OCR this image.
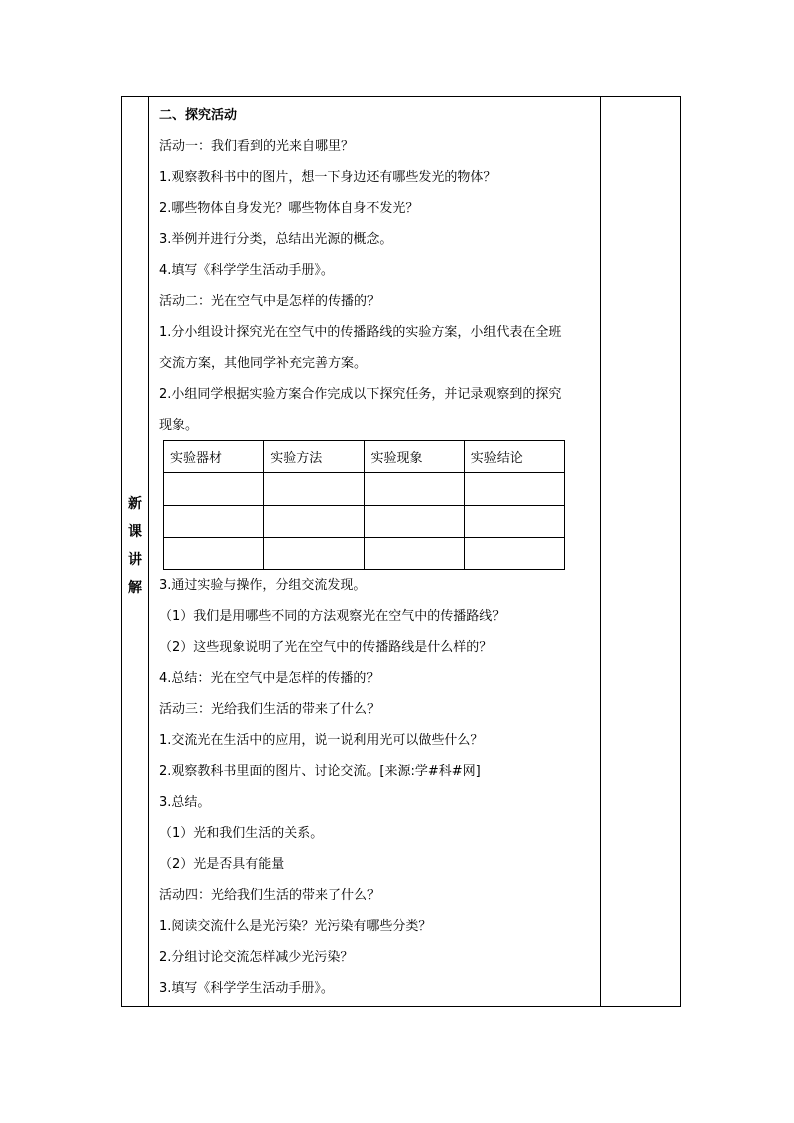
新
课
讲
解
二、探究活动
活动一：我们看到的光来自哪里？
1.观察教科书中的图片，想一下身边还有哪些发光的物体？
2.哪些物体自身发光？哪些物体自身不发光？
3.举例并进行分类，总结出光源的概念。
4.填写《科学学生活动手册》。
活动二：光在空气中是怎样的传播的？
1.分小组设计探究光在空气中的传播路线的实验方案，小组代表在全班
交流方案，其他同学补充完善方案。
2.小组同学根据实验方案合作完成以下探究任务，并记录观察到的探究
现象。
实验器材	实验方法	实验现象	实验结论

3.通过实验与操作，分组交流发现。
（1）我们是用哪些不同的方法观察光在空气中的传播路线？
（2）这些现象说明了光在空气中的传播路线是什么样的？
4.总结：光在空气中是怎样的传播的？
活动三：光给我们生活的带来了什么？
1.交流光在生活中的应用，说一说利用光可以做些什么？
2.观察教科书里面的图片、讨论交流。[来源:学#科#网]
3.总结。
（1）光和我们生活的关系。
（2）光是否具有能量
活动四：光给我们生活的带来了什么？
1.阅读交流什么是光污染？光污染有哪些分类？
2.分组讨论交流怎样减少光污染？
3.填写《科学学生活动手册》。
